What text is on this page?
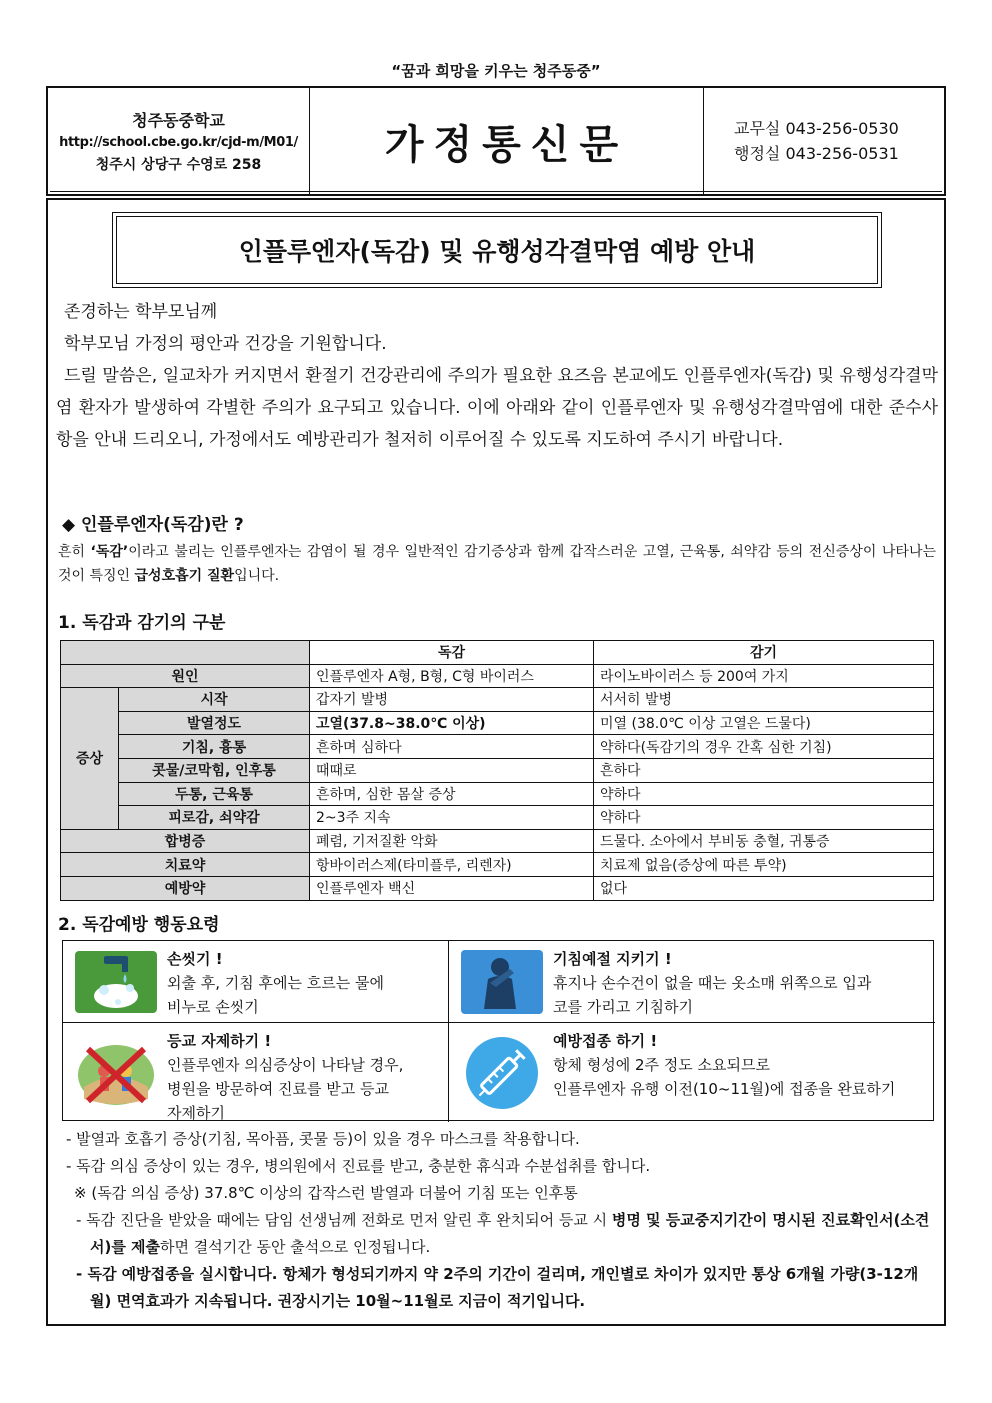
“꿈과 희망을 키우는 청주동중”
청주동중학교
http://school.cbe.go.kr/cjd-m/M01/
청주시 상당구 수영로 258	가정통신문	교무실 043-256-0530
행정실 043-256-0531
인플루엔자(독감) 및 유행성각결막염 예방 안내

존경하는 학부모님께

학부모님 가정의 평안과 건강을 기원합니다.

드릴 말씀은, 일교차가 커지면서 환절기 건강관리에 주의가 필요한 요즈음 본교에도 인플루엔자(독감) 및 유행성각결막염 환자가 발생하여 각별한 주의가 요구되고 있습니다. 이에 아래와 같이 인플루엔자 및 유행성각결막염에 대한 준수사항을 안내 드리오니, 가정에서도 예방관리가 철저히 이루어질 수 있도록 지도하여 주시기 바랍니다.

◆ 인플루엔자(독감)란 ?
흔히 ‘독감’이라고 불리는 인플루엔자는 감염이 될 경우 일반적인 감기증상과 함께 갑작스러운 고열, 근육통, 쇠약감 등의 전신증상이 나타나는 것이 특징인 급성호흡기 질환입니다.
1. 독감과 감기의 구분
		독감	감기
원인		인플루엔자 A형, B형, C형 바이러스	라이노바이러스 등 200여 가지
증상	시작	갑자기 발병	서서히 발병
	발열정도	고열(37.8~38.0℃ 이상)	미열 (38.0℃ 이상 고열은 드물다)
	기침, 흉통	흔하며 심하다	약하다(독감기의 경우 간혹 심한 기침)
	콧물/코막힘, 인후통	때때로	흔하다
	두통, 근육통	흔하며, 심한 몸살 증상	약하다
	피로감, 쇠약감	2~3주 지속	약하다
합병증		폐렴, 기저질환 악화	드물다. 소아에서 부비동 충혈, 귀통증
치료약		항바이러스제(타미플루, 리렌자)	치료제 없음(증상에 따른 투약)
예방약		인플루엔자 백신	없다
2. 독감예방 행동요령
손씻기 !
외출 후, 기침 후에는 흐르는 물에
비누로 손씻기
기침예절 지키기 !
휴지나 손수건이 없을 때는 옷소매 위쪽으로 입과
코를 가리고 기침하기
등교 자제하기 !
인플루엔자 의심증상이 나타날 경우,
병원을 방문하여 진료를 받고 등교
자제하기
예방접종 하기 !
항체 형성에 2주 정도 소요되므로
인플루엔자 유행 이전(10~11월)에 접종을 완료하기
- 발열과 호흡기 증상(기침, 목아픔, 콧물 등)이 있을 경우 마스크를 착용합니다.
- 독감 의심 증상이 있는 경우, 병의원에서 진료를 받고, 충분한 휴식과 수분섭취를 합니다.
※ (독감 의심 증상) 37.8℃ 이상의 갑작스런 발열과 더불어 기침 또는 인후통
- 독감 진단을 받았을 때에는 담임 선생님께 전화로 먼저 알린 후 완치되어 등교 시 병명 및 등교중지기간이 명시된 진료확인서(소견서)를 제출하면 결석기간 동안 출석으로 인정됩니다.
- 독감 예방접종을 실시합니다. 항체가 형성되기까지 약 2주의 기간이 걸리며, 개인별로 차이가 있지만 통상 6개월 가량(3-12개월) 면역효과가 지속됩니다. 권장시기는 10월~11월로 지금이 적기입니다.
